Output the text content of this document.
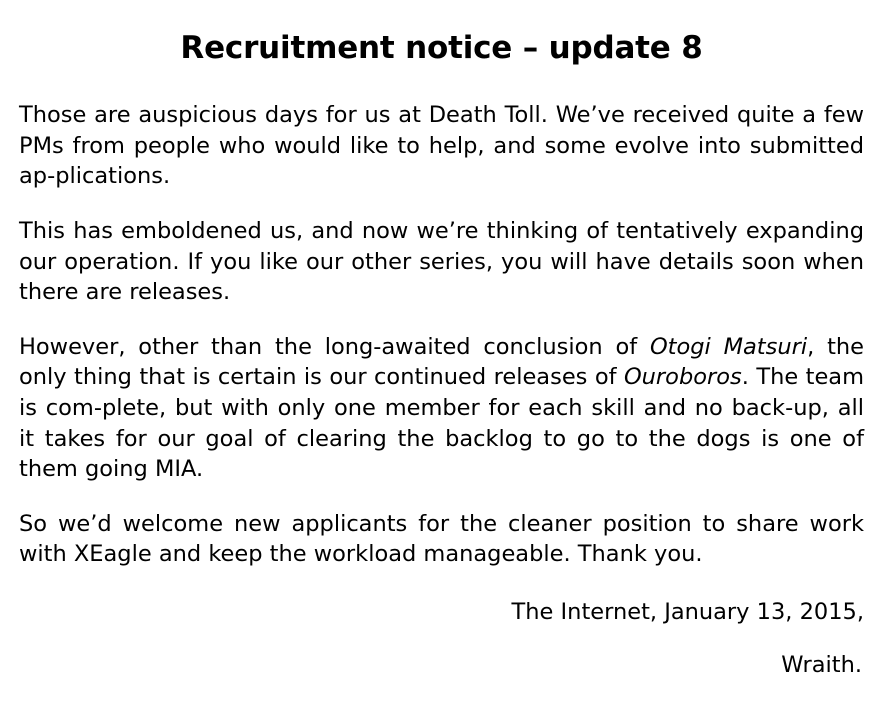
Recruitment notice – update 8

Those are auspicious days for us at Death Toll. We’ve received quite a few PMs from people who would like to help, and some evolve into submitted ap-plications.

This has emboldened us, and now we’re thinking of tentatively expanding our operation. If you like our other series, you will have details soon when there are releases.

However, other than the long-awaited conclusion of Otogi Matsuri, the only thing that is certain is our continued releases of Ouroboros. The team is com-plete, but with only one member for each skill and no back-up, all it takes for our goal of clearing the backlog to go to the dogs is one of them going MIA.

So we’d welcome new applicants for the cleaner position to share work with XEagle and keep the workload manageable. Thank you.

The Internet, January 13, 2015,

Wraith.
